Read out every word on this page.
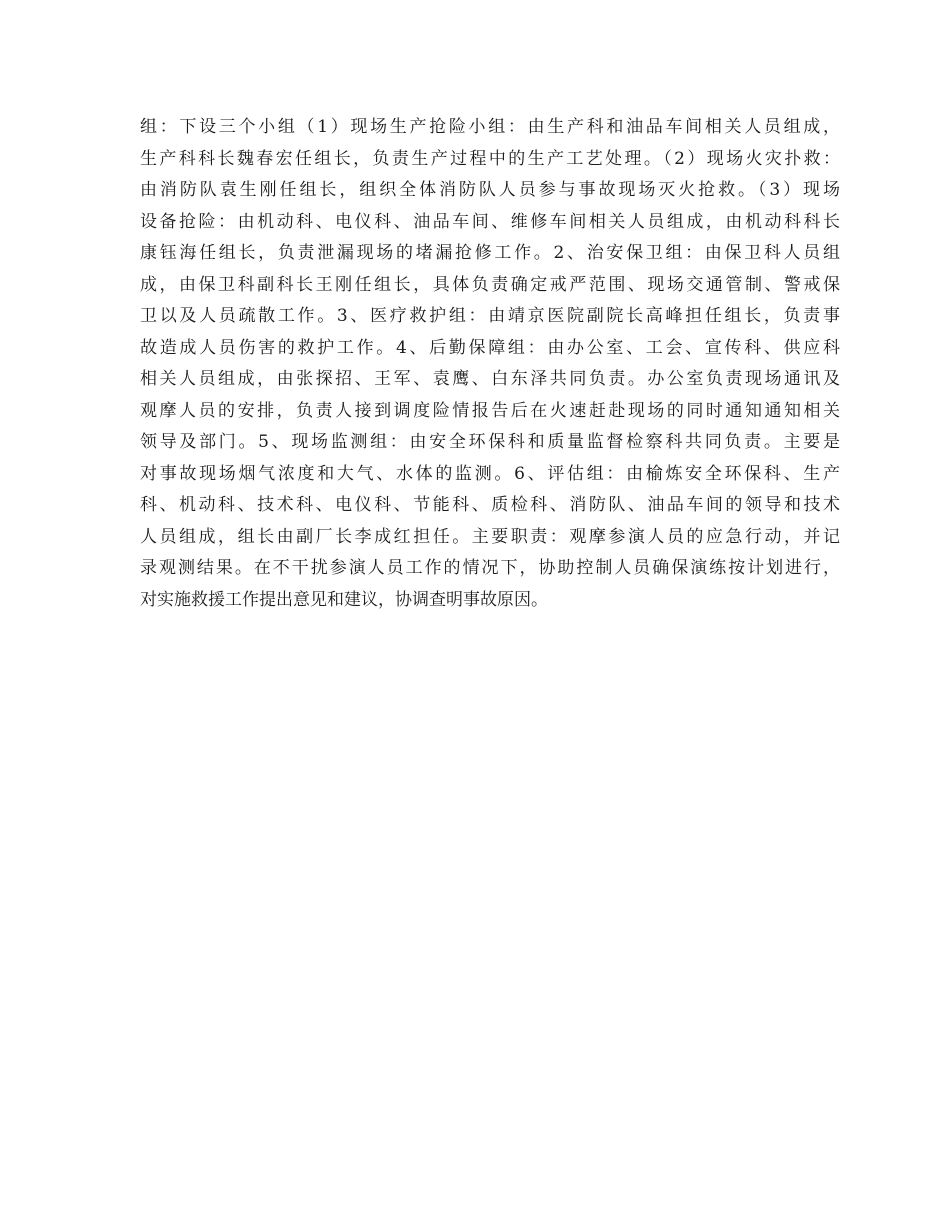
组：下设三个小组（1）现场生产抢险小组：由生产科和油品车间相关人员组成，
生产科科长魏春宏任组长，负责生产过程中的生产工艺处理。（2）现场火灾扑救：
由消防队袁生刚任组长，组织全体消防队人员参与事故现场灭火抢救。（3）现场
设备抢险：由机动科、电仪科、油品车间、维修车间相关人员组成，由机动科科长
康钰海任组长，负责泄漏现场的堵漏抢修工作。2、治安保卫组：由保卫科人员组
成，由保卫科副科长王刚任组长，具体负责确定戒严范围、现场交通管制、警戒保
卫以及人员疏散工作。3、医疗救护组：由靖京医院副院长高峰担任组长，负责事
故造成人员伤害的救护工作。4、后勤保障组：由办公室、工会、宣传科、供应科
相关人员组成，由张探招、王军、袁鹰、白东泽共同负责。办公室负责现场通讯及
观摩人员的安排，负责人接到调度险情报告后在火速赶赴现场的同时通知通知相关
领导及部门。5、现场监测组：由安全环保科和质量监督检察科共同负责。主要是
对事故现场烟气浓度和大气、水体的监测。6、评估组：由榆炼安全环保科、生产
科、机动科、技术科、电仪科、节能科、质检科、消防队、油品车间的领导和技术
人员组成，组长由副厂长李成红担任。主要职责：观摩参演人员的应急行动，并记
录观测结果。在不干扰参演人员工作的情况下，协助控制人员确保演练按计划进行，
对实施救援工作提出意见和建议，协调查明事故原因。
